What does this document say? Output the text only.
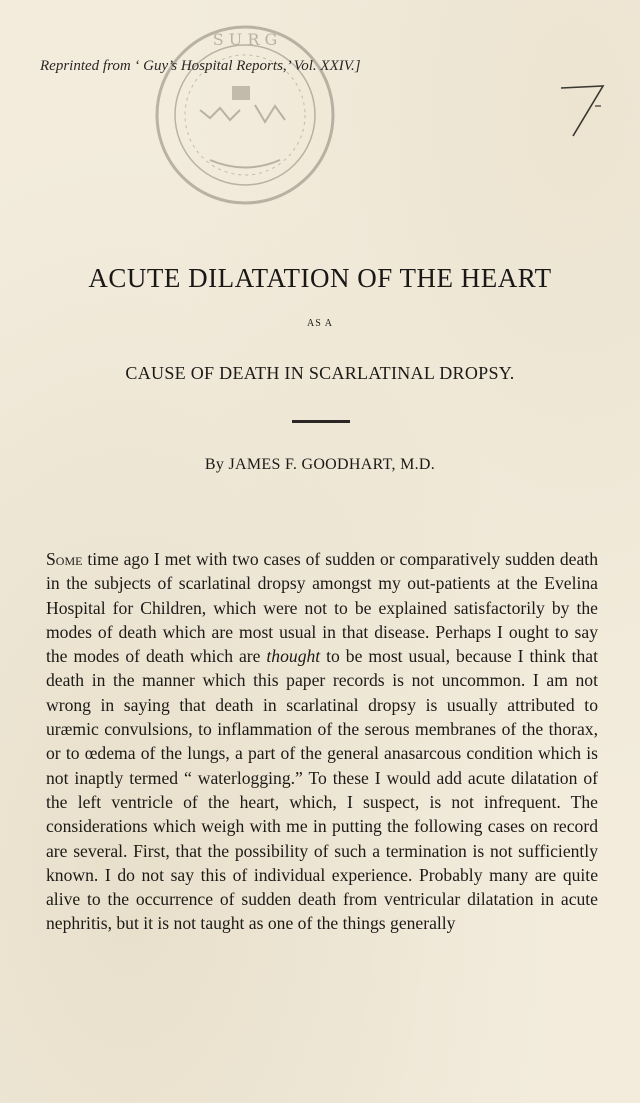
S U R G
Reprinted from ‘ Guy’s Hospital Reports,’ Vol. XXIV.]
ACUTE DILATATION OF THE HEART
AS A
CAUSE OF DEATH IN SCARLATINAL DROPSY.
By JAMES F. GOODHART, M.D.
Some time ago I met with two cases of sudden or comparatively sudden death in the subjects of scarlatinal dropsy amongst my out-patients at the Evelina Hospital for Children, which were not to be explained satisfactorily by the modes of death which are most usual in that disease. Perhaps I ought to say the modes of death which are thought to be most usual, because I think that death in the manner which this paper records is not uncommon. I am not wrong in saying that death in scarlatinal dropsy is usually attributed to uræmic convulsions, to inflammation of the serous membranes of the thorax, or to œdema of the lungs, a part of the general anasarcous condition which is not inaptly termed “ waterlogging.” To these I would add acute dilatation of the left ventricle of the heart, which, I suspect, is not infrequent. The considerations which weigh with me in putting the following cases on record are several. First, that the possibility of such a termination is not sufficiently known. I do not say this of individual experience. Probably many are quite alive to the occurrence of sudden death from ventricular dilatation in acute nephritis, but it is not taught as one of the things generally
